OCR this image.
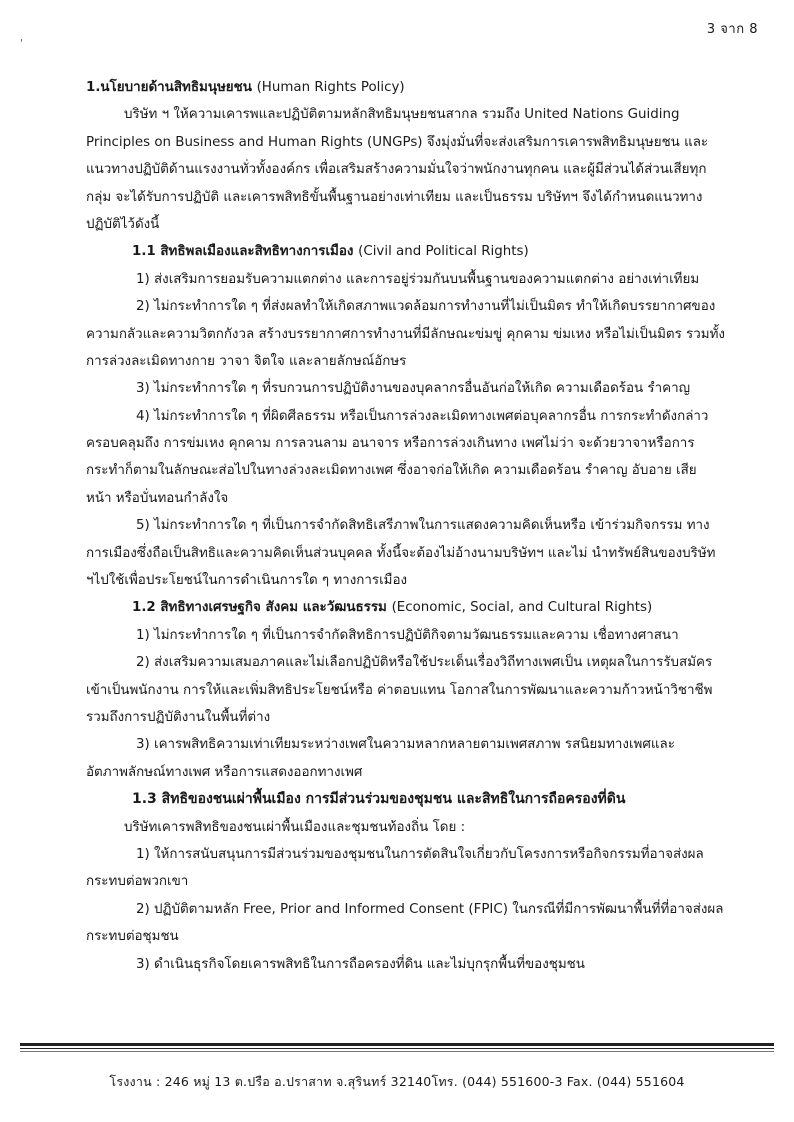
3 จาก 8
'
1.นโยบายด้านสิทธิมนุษยชน (Human Rights Policy)
บริษัท ฯ ให้ความเคารพและปฏิบัติตามหลักสิทธิมนุษยชนสากล รวมถึง United Nations Guiding
Principles on Business and Human Rights (UNGPs) จึงมุ่งมั่นที่จะส่งเสริมการเคารพสิทธิมนุษยชน และ
แนวทางปฏิบัติด้านแรงงานทั่วทั้งองค์กร เพื่อเสริมสร้างความมั่นใจว่าพนักงานทุกคน และผู้มีส่วนได้ส่วนเสียทุก
กลุ่ม จะได้รับการปฏิบัติ และเคารพสิทธิขั้นพื้นฐานอย่างเท่าเทียม และเป็นธรรม บริษัทฯ จึงได้กำหนดแนวทาง
ปฏิบัติไว้ดังนี้
1.1 สิทธิพลเมืองและสิทธิทางการเมือง (Civil and Political Rights)
1) ส่งเสริมการยอมรับความแตกต่าง และการอยู่ร่วมกันบนพื้นฐานของความแตกต่าง อย่างเท่าเทียม
2) ไม่กระทำการใด ๆ ที่ส่งผลทำให้เกิดสภาพแวดล้อมการทำงานที่ไม่เป็นมิตร ทำให้เกิดบรรยากาศของ
ความกลัวและความวิตกกังวล สร้างบรรยากาศการทำงานที่มีลักษณะข่มขู่ คุกคาม ข่มเหง หรือไม่เป็นมิตร รวมทั้ง
การล่วงละเมิดทางกาย วาจา จิตใจ และลายลักษณ์อักษร
3) ไม่กระทำการใด ๆ ที่รบกวนการปฏิบัติงานของบุคลากรอื่นอันก่อให้เกิด ความเดือดร้อน รำคาญ
4) ไม่กระทำการใด ๆ ที่ผิดศีลธรรม หรือเป็นการล่วงละเมิดทางเพศต่อบุคลากรอื่น การกระทำดังกล่าว
ครอบคลุมถึง การข่มเหง คุกคาม การลวนลาม อนาจาร หรือการล่วงเกินทาง เพศไม่ว่า จะด้วยวาจาหรือการ
กระทำก็ตามในลักษณะส่อไปในทางล่วงละเมิดทางเพศ ซึ่งอาจก่อให้เกิด ความเดือดร้อน รำคาญ อับอาย เสีย
หน้า หรือบั่นทอนกำลังใจ
5) ไม่กระทำการใด ๆ ที่เป็นการจำกัดสิทธิเสรีภาพในการแสดงความคิดเห็นหรือ เข้าร่วมกิจกรรม ทาง
การเมืองซึ่งถือเป็นสิทธิและความคิดเห็นส่วนบุคคล ทั้งนี้จะต้องไม่อ้างนามบริษัทฯ และไม่ นำทรัพย์สินของบริษัท
ฯไปใช้เพื่อประโยชน์ในการดำเนินการใด ๆ ทางการเมือง
1.2 สิทธิทางเศรษฐกิจ สังคม และวัฒนธรรม (Economic, Social, and Cultural Rights)
1) ไม่กระทำการใด ๆ ที่เป็นการจำกัดสิทธิการปฏิบัติกิจตามวัฒนธรรมและความ เชื่อทางศาสนา
2) ส่งเสริมความเสมอภาคและไม่เลือกปฏิบัติหรือใช้ประเด็นเรื่องวิถีทางเพศเป็น เหตุผลในการรับสมัคร
เข้าเป็นพนักงาน การให้และเพิ่มสิทธิประโยชน์หรือ ค่าตอบแทน โอกาสในการพัฒนาและความก้าวหน้าวิชาชีพ
รวมถึงการปฏิบัติงานในพื้นที่ต่าง
3) เคารพสิทธิความเท่าเทียมระหว่างเพศในความหลากหลายตามเพศสภาพ รสนิยมทางเพศและ
อัตภาพลักษณ์ทางเพศ หรือการแสดงออกทางเพศ
1.3 สิทธิของชนเผ่าพื้นเมือง การมีส่วนร่วมของชุมชน และสิทธิในการถือครองที่ดิน
บริษัทเคารพสิทธิของชนเผ่าพื้นเมืองและชุมชนท้องถิ่น โดย :
1) ให้การสนับสนุนการมีส่วนร่วมของชุมชนในการตัดสินใจเกี่ยวกับโครงการหรือกิจกรรมที่อาจส่งผล
กระทบต่อพวกเขา
2) ปฏิบัติตามหลัก Free, Prior and Informed Consent (FPIC) ในกรณีที่มีการพัฒนาพื้นที่ที่อาจส่งผล
กระทบต่อชุมชน
3) ดำเนินธุรกิจโดยเคารพสิทธิในการถือครองที่ดิน และไม่บุกรุกพื้นที่ของชุมชน
โรงงาน : 246 หมู่ 13 ต.ปรือ อ.ปราสาท จ.สุรินทร์ 32140โทร. (044) 551600-3 Fax. (044) 551604
